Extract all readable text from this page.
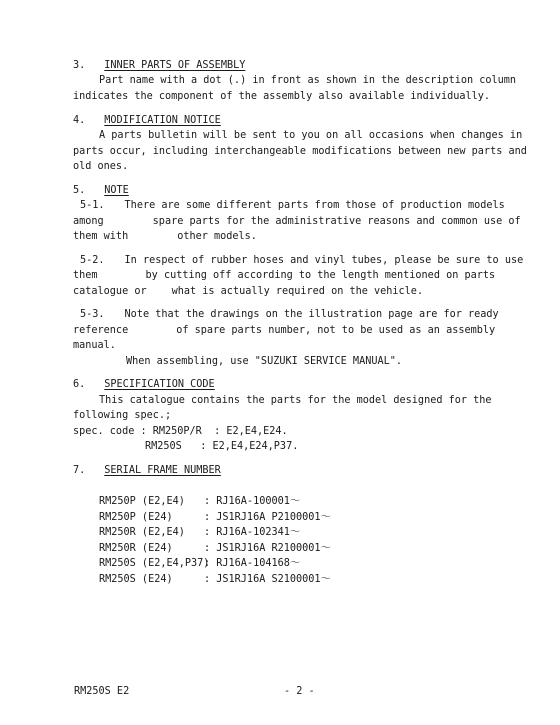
3. INNER PARTS OF ASSEMBLY
Part name with a dot (.) in front as shown in the description column
indicates the component of the assembly also available individually.
4. MODIFICATION NOTICE
A parts bulletin will be sent to you on all occasions when changes in
parts occur, including interchangeable modifications between new parts and
old ones.
5. NOTE
5-1. There are some different parts from those of production models
among	spare parts for the administrative reasons and common use of
them with	other models.
5-2. In respect of rubber hoses and vinyl tubes, please be sure to use
them	by cutting off according to the length mentioned on parts
catalogue or what is actually required on the vehicle.
5-3. Note that the drawings on the illustration page are for ready
reference	of spare parts number, not to be used as an assembly
manual.
When assembling, use "SUZUKI SERVICE MANUAL".
6. SPECIFICATION CODE
This catalogue contains the parts for the model designed for the
following spec.;
spec. code : RM250P/R  : E2,E4,E24.
RM250S   : E2,E4,E24,P37.
7. SERIAL FRAME NUMBER
RM250P (E2,E4) : RJ16A-100001～
RM250P (E24)	: JS1RJ16A P2100001～
RM250R (E2,E4) : RJ16A-102341～
RM250R (E24)	: JS1RJ16A R2100001～
RM250S (E2,E4,P37)
: RJ16A-104168～
RM250S (E24)	: JS1RJ16A S2100001～
RM250S E2	- 2 -
